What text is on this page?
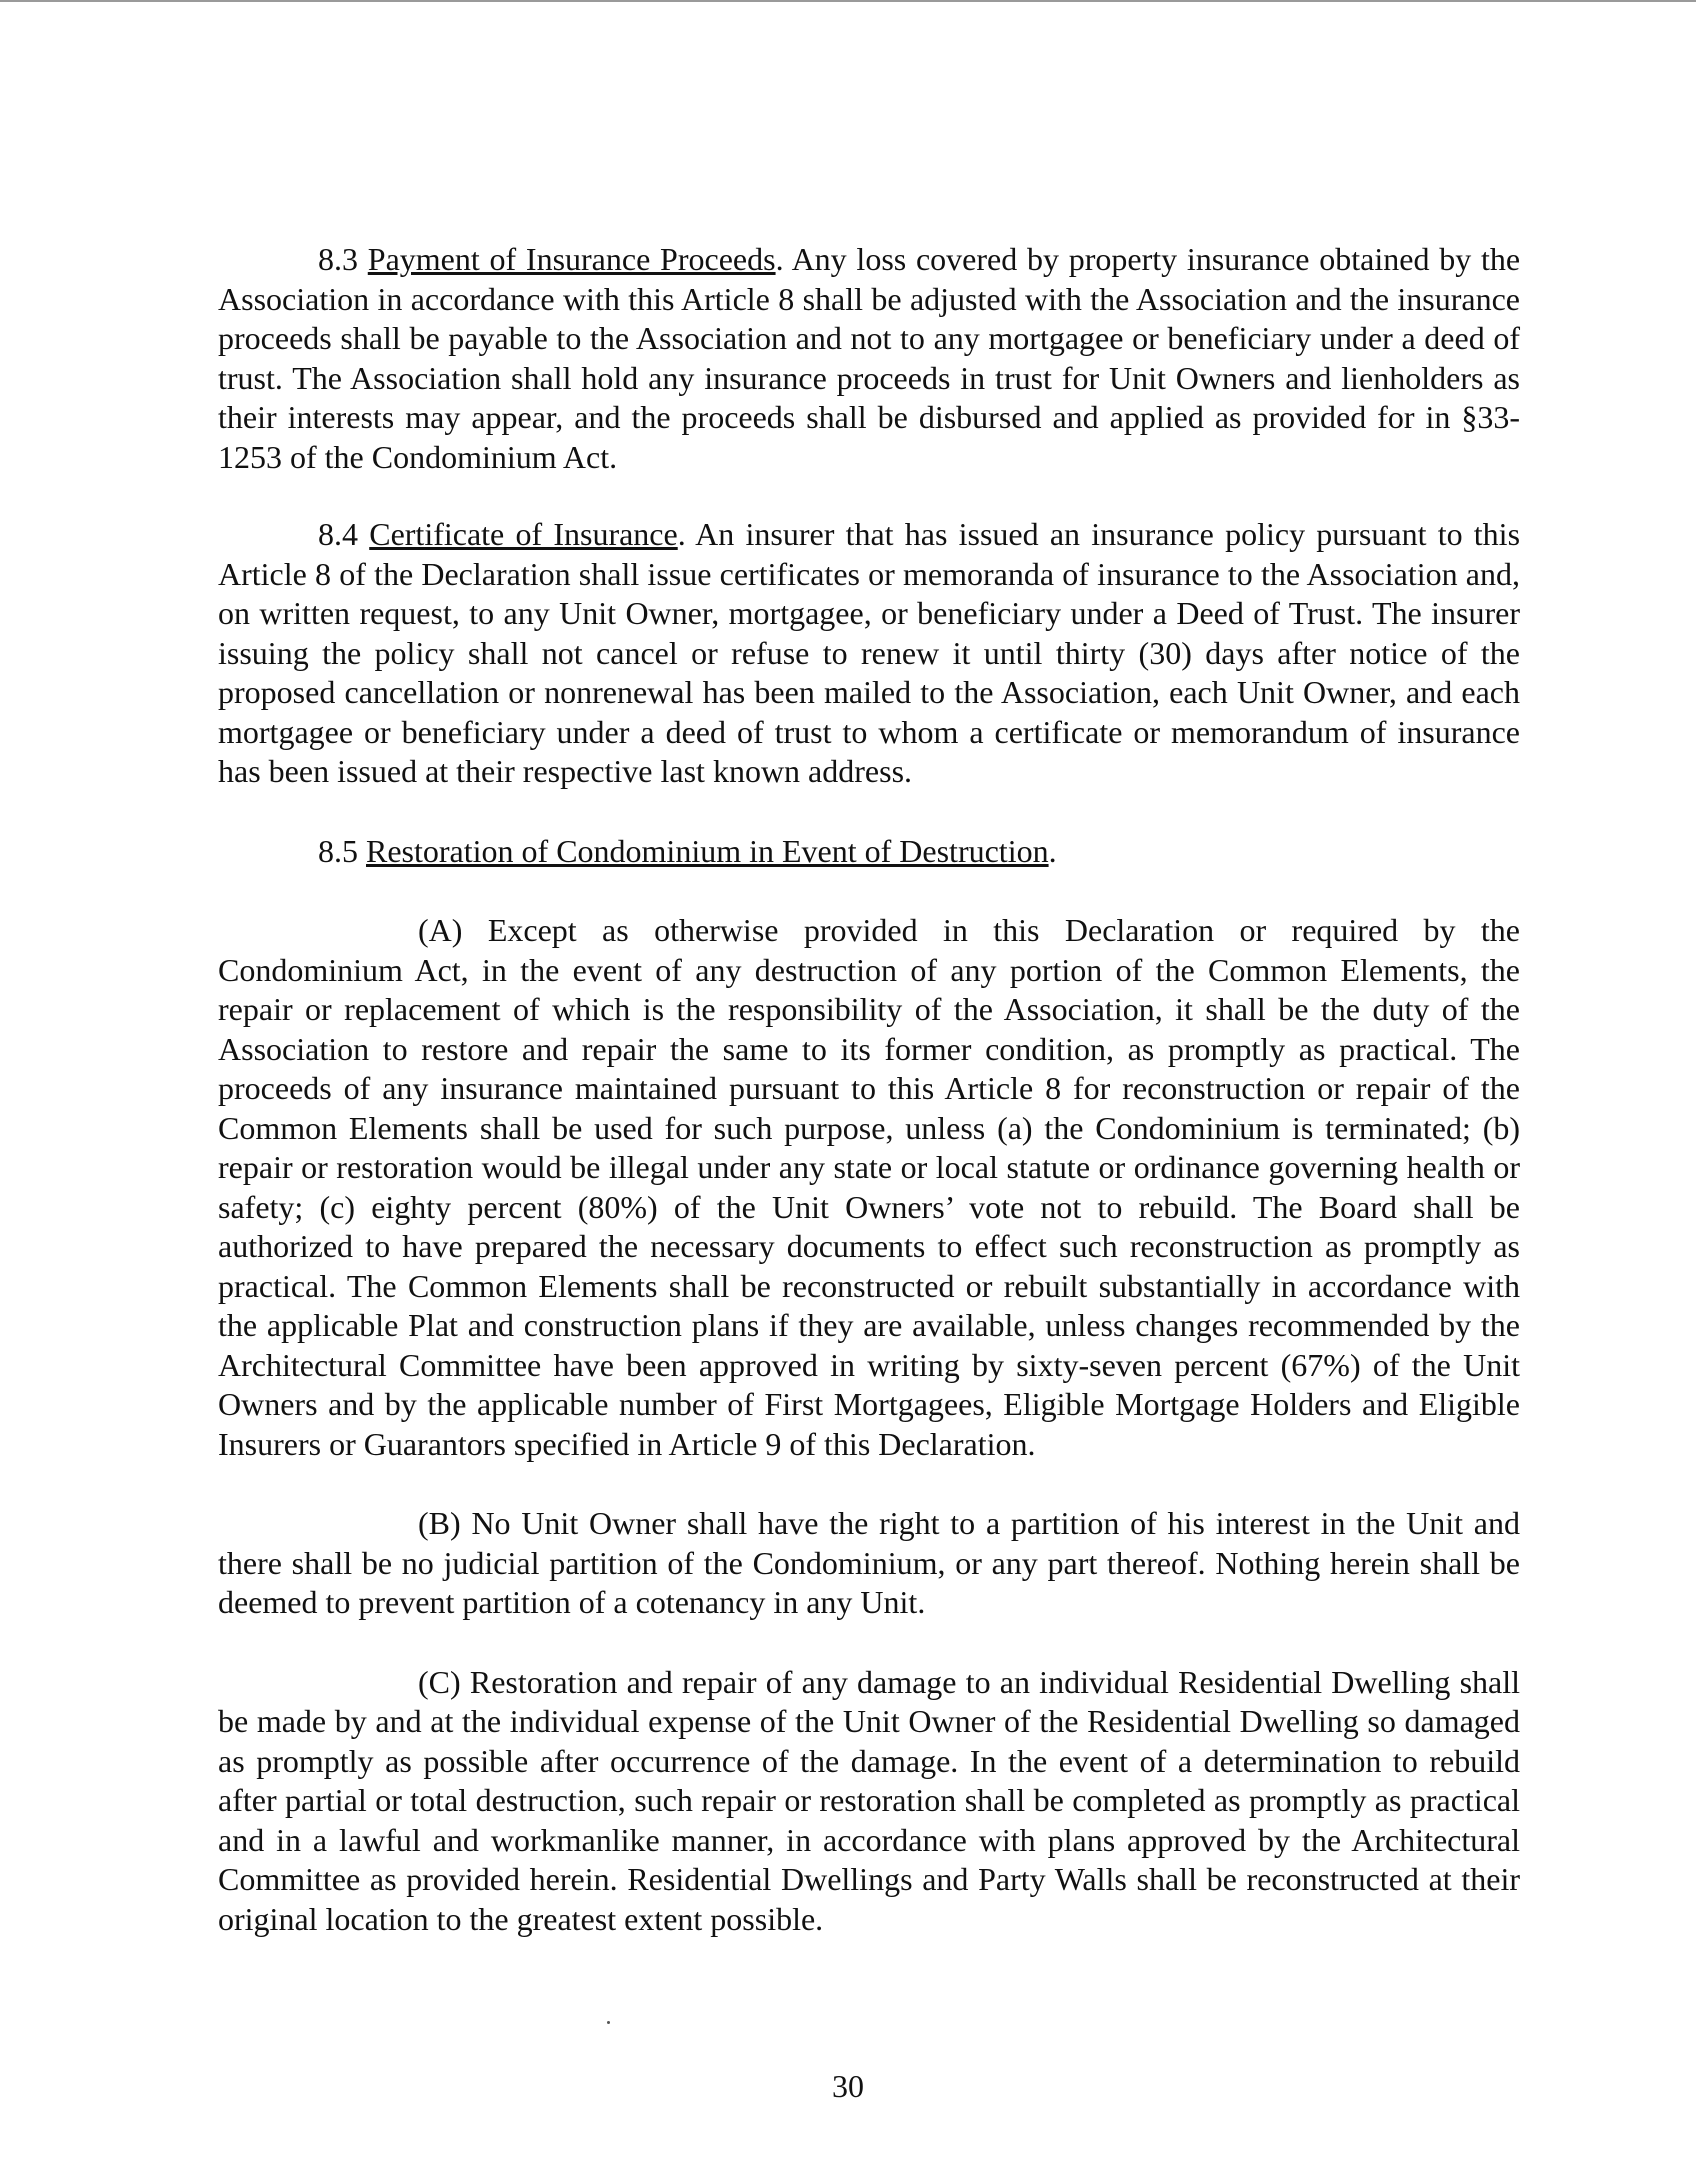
8.3 Payment of Insurance Proceeds. Any loss covered by property insurance obtained by the Association in accordance with this Article 8 shall be adjusted with the Association and the insurance proceeds shall be payable to the Association and not to any mortgagee or beneficiary under a deed of trust. The Association shall hold any insurance proceeds in trust for Unit Owners and lienholders as their interests may appear, and the proceeds shall be disbursed and applied as provided for in §33-1253 of the Condominium Act.

8.4 Certificate of Insurance. An insurer that has issued an insurance policy pursuant to this Article 8 of the Declaration shall issue certificates or memoranda of insurance to the Association and, on written request, to any Unit Owner, mortgagee, or beneficiary under a Deed of Trust. The insurer issuing the policy shall not cancel or refuse to renew it until thirty (30) days after notice of the proposed cancellation or nonrenewal has been mailed to the Association, each Unit Owner, and each mortgagee or beneficiary under a deed of trust to whom a certificate or memorandum of insurance has been issued at their respective last known address.

8.5 Restoration of Condominium in Event of Destruction.

(A) Except as otherwise provided in this Declaration or required by the Condominium Act, in the event of any destruction of any portion of the Common Elements, the repair or replacement of which is the responsibility of the Association, it shall be the duty of the Association to restore and repair the same to its former condition, as promptly as practical. The proceeds of any insurance maintained pursuant to this Article 8 for reconstruction or repair of the Common Elements shall be used for such purpose, unless (a) the Condominium is terminated; (b) repair or restoration would be illegal under any state or local statute or ordinance governing health or safety; (c) eighty percent (80%) of the Unit Owners’ vote not to rebuild. The Board shall be authorized to have prepared the necessary documents to effect such reconstruction as promptly as practical. The Common Elements shall be reconstructed or rebuilt substantially in accordance with the applicable Plat and construction plans if they are available, unless changes recommended by the Architectural Committee have been approved in writing by sixty-seven percent (67%) of the Unit Owners and by the applicable number of First Mortgagees, Eligible Mortgage Holders and Eligible Insurers or Guarantors specified in Article 9 of this Declaration.

(B) No Unit Owner shall have the right to a partition of his interest in the Unit and there shall be no judicial partition of the Condominium, or any part thereof. Nothing herein shall be deemed to prevent partition of a cotenancy in any Unit.

(C) Restoration and repair of any damage to an individual Residential Dwelling shall be made by and at the individual expense of the Unit Owner of the Residential Dwelling so damaged as promptly as possible after occurrence of the damage. In the event of a determination to rebuild after partial or total destruction, such repair or restoration shall be completed as promptly as practical and in a lawful and workmanlike manner, in accordance with plans approved by the Architectural Committee as provided herein. Residential Dwellings and Party Walls shall be reconstructed at their original location to the greatest extent possible.

30
